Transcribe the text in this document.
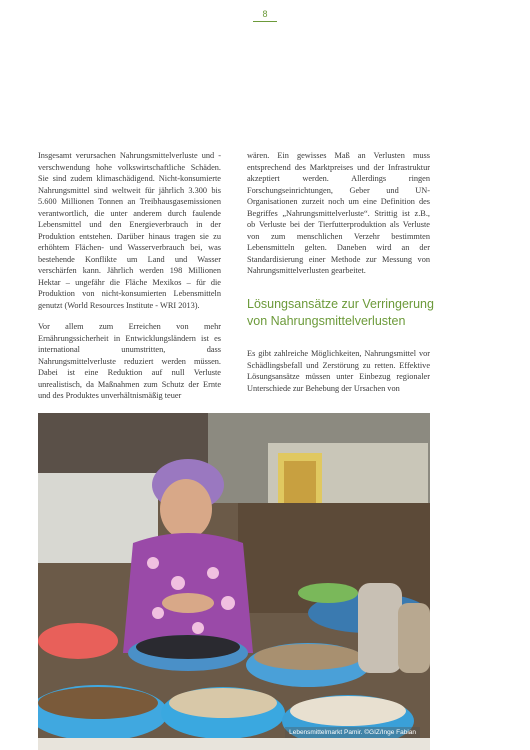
8

Insgesamt verursachen Nahrungsmittelverluste und -verschwendung hohe volkswirtschaftliche Schäden. Sie sind zudem klimaschädigend. Nicht-konsumierte Nahrungsmittel sind weltweit für jährlich 3.300 bis 5.600 Millionen Tonnen an Treibhausgasemissionen verantwortlich, die unter anderem durch faulende Lebensmittel und den Energieverbrauch in der Produktion entstehen. Darüber hinaus tragen sie zu erhöhtem Flächen- und Wasserverbrauch bei, was bestehende Konflikte um Land und Wasser verschärfen kann. Jährlich werden 198 Millionen Hektar – ungefähr die Fläche Mexikos – für die Produktion von nicht-konsumierten Lebensmitteln genutzt (World Resources Institute - WRI 2013).

Vor allem zum Erreichen von mehr Ernährungssicherheit in Entwicklungsländern ist es international unumstritten, dass Nahrungsmittelverluste reduziert werden müssen. Dabei ist eine Reduktion auf null Verluste unrealistisch, da Maßnahmen zum Schutz der Ernte und des Produktes unverhältnismäßig teuer

wären. Ein gewisses Maß an Verlusten muss entsprechend des Marktpreises und der Infrastruktur akzeptiert werden. Allerdings ringen Forschungseinrichtungen, Geber und UN-Organisationen zurzeit noch um eine Definition des Begriffes „Nahrungsmittelverluste“. Strittig ist z.B., ob Verluste bei der Tierfutterproduktion als Verluste von zum menschlichen Verzehr bestimmten Lebensmitteln gelten. Daneben wird an der Standardisierung einer Methode zur Messung von Nahrungsmittelverlusten gearbeitet.

Lösungsansätze zur Verringerung von Nahrungsmittelverlusten

Es gibt zahlreiche Möglichkeiten, Nahrungsmittel vor Schädlingsbefall und Zerstörung zu retten. Effektive Lösungsansätze müssen unter Einbezug regionaler Unterschiede zur Behebung der Ursachen von

Lebensmittelmarkt Pamir. ©GIZ/Inge Fabian
